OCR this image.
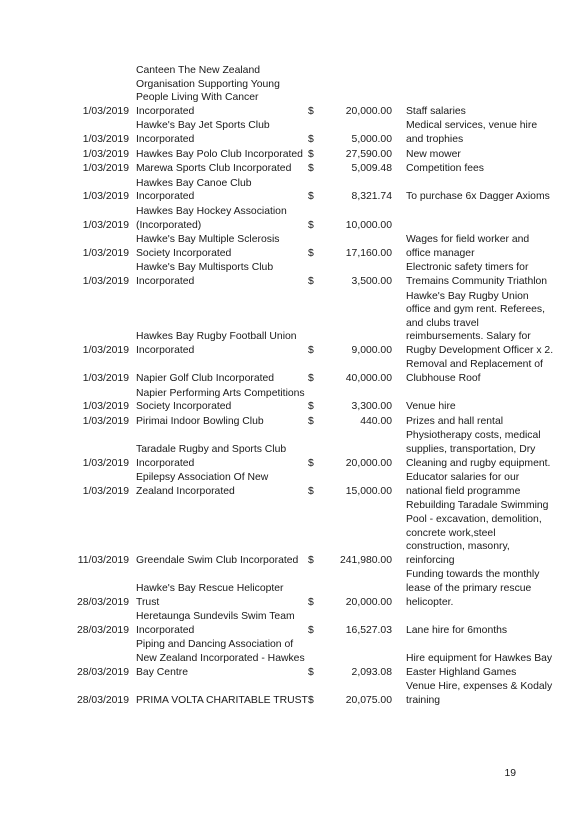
1/03/2019	Canteen The New Zealand Organisation Supporting Young People Living With Cancer Incorporated	$	20,000.00	Staff salaries
1/03/2019	Hawke's Bay Jet Sports Club Incorporated	$	5,000.00	Medical services, venue hire and trophies
1/03/2019	Hawkes Bay Polo Club Incorporated	$	27,590.00	New mower
1/03/2019	Marewa Sports Club Incorporated	$	5,009.48	Competition fees
1/03/2019	Hawkes Bay Canoe Club Incorporated	$	8,321.74	To purchase 6x Dagger Axioms
1/03/2019	Hawkes Bay Hockey Association (Incorporated)	$	10,000.00	
1/03/2019	Hawke's Bay Multiple Sclerosis Society Incorporated	$	17,160.00	Wages for field worker and office manager
1/03/2019	Hawke's Bay Multisports Club Incorporated	$	3,500.00	Electronic safety timers for Tremains Community Triathlon
1/03/2019	Hawkes Bay Rugby Football Union Incorporated	$	9,000.00	Hawke's Bay Rugby Union office and gym rent. Referees, and clubs travel reimbursements. Salary for Rugby Development Officer x 2.
1/03/2019	Napier Golf Club Incorporated	$	40,000.00	Removal and Replacement of Clubhouse Roof
1/03/2019	Napier Performing Arts Competitions Society Incorporated	$	3,300.00	Venue hire
1/03/2019	Pirimai Indoor Bowling Club	$	440.00	Prizes and hall rental
1/03/2019	Taradale Rugby and Sports Club Incorporated	$	20,000.00	Physiotherapy costs, medical supplies, transportation, Dry Cleaning and rugby equipment.
1/03/2019	Epilepsy Association Of New Zealand Incorporated	$	15,000.00	Educator salaries for our national field programme
11/03/2019	Greendale Swim Club Incorporated	$	241,980.00	Rebuilding Taradale Swimming Pool - excavation, demolition, concrete work,steel construction, masonry, reinforcing
28/03/2019	Hawke's Bay Rescue Helicopter Trust	$	20,000.00	Funding towards the monthly lease of the primary rescue helicopter.
28/03/2019	Heretaunga Sundevils Swim Team Incorporated	$	16,527.03	Lane hire for 6months
28/03/2019	Piping and Dancing Association of New Zealand Incorporated - Hawkes Bay Centre	$	2,093.08	Hire equipment for Hawkes Bay Easter Highland Games
28/03/2019	PRIMA VOLTA CHARITABLE TRUST	$	20,075.00	Venue Hire, expenses & Kodaly training
19
